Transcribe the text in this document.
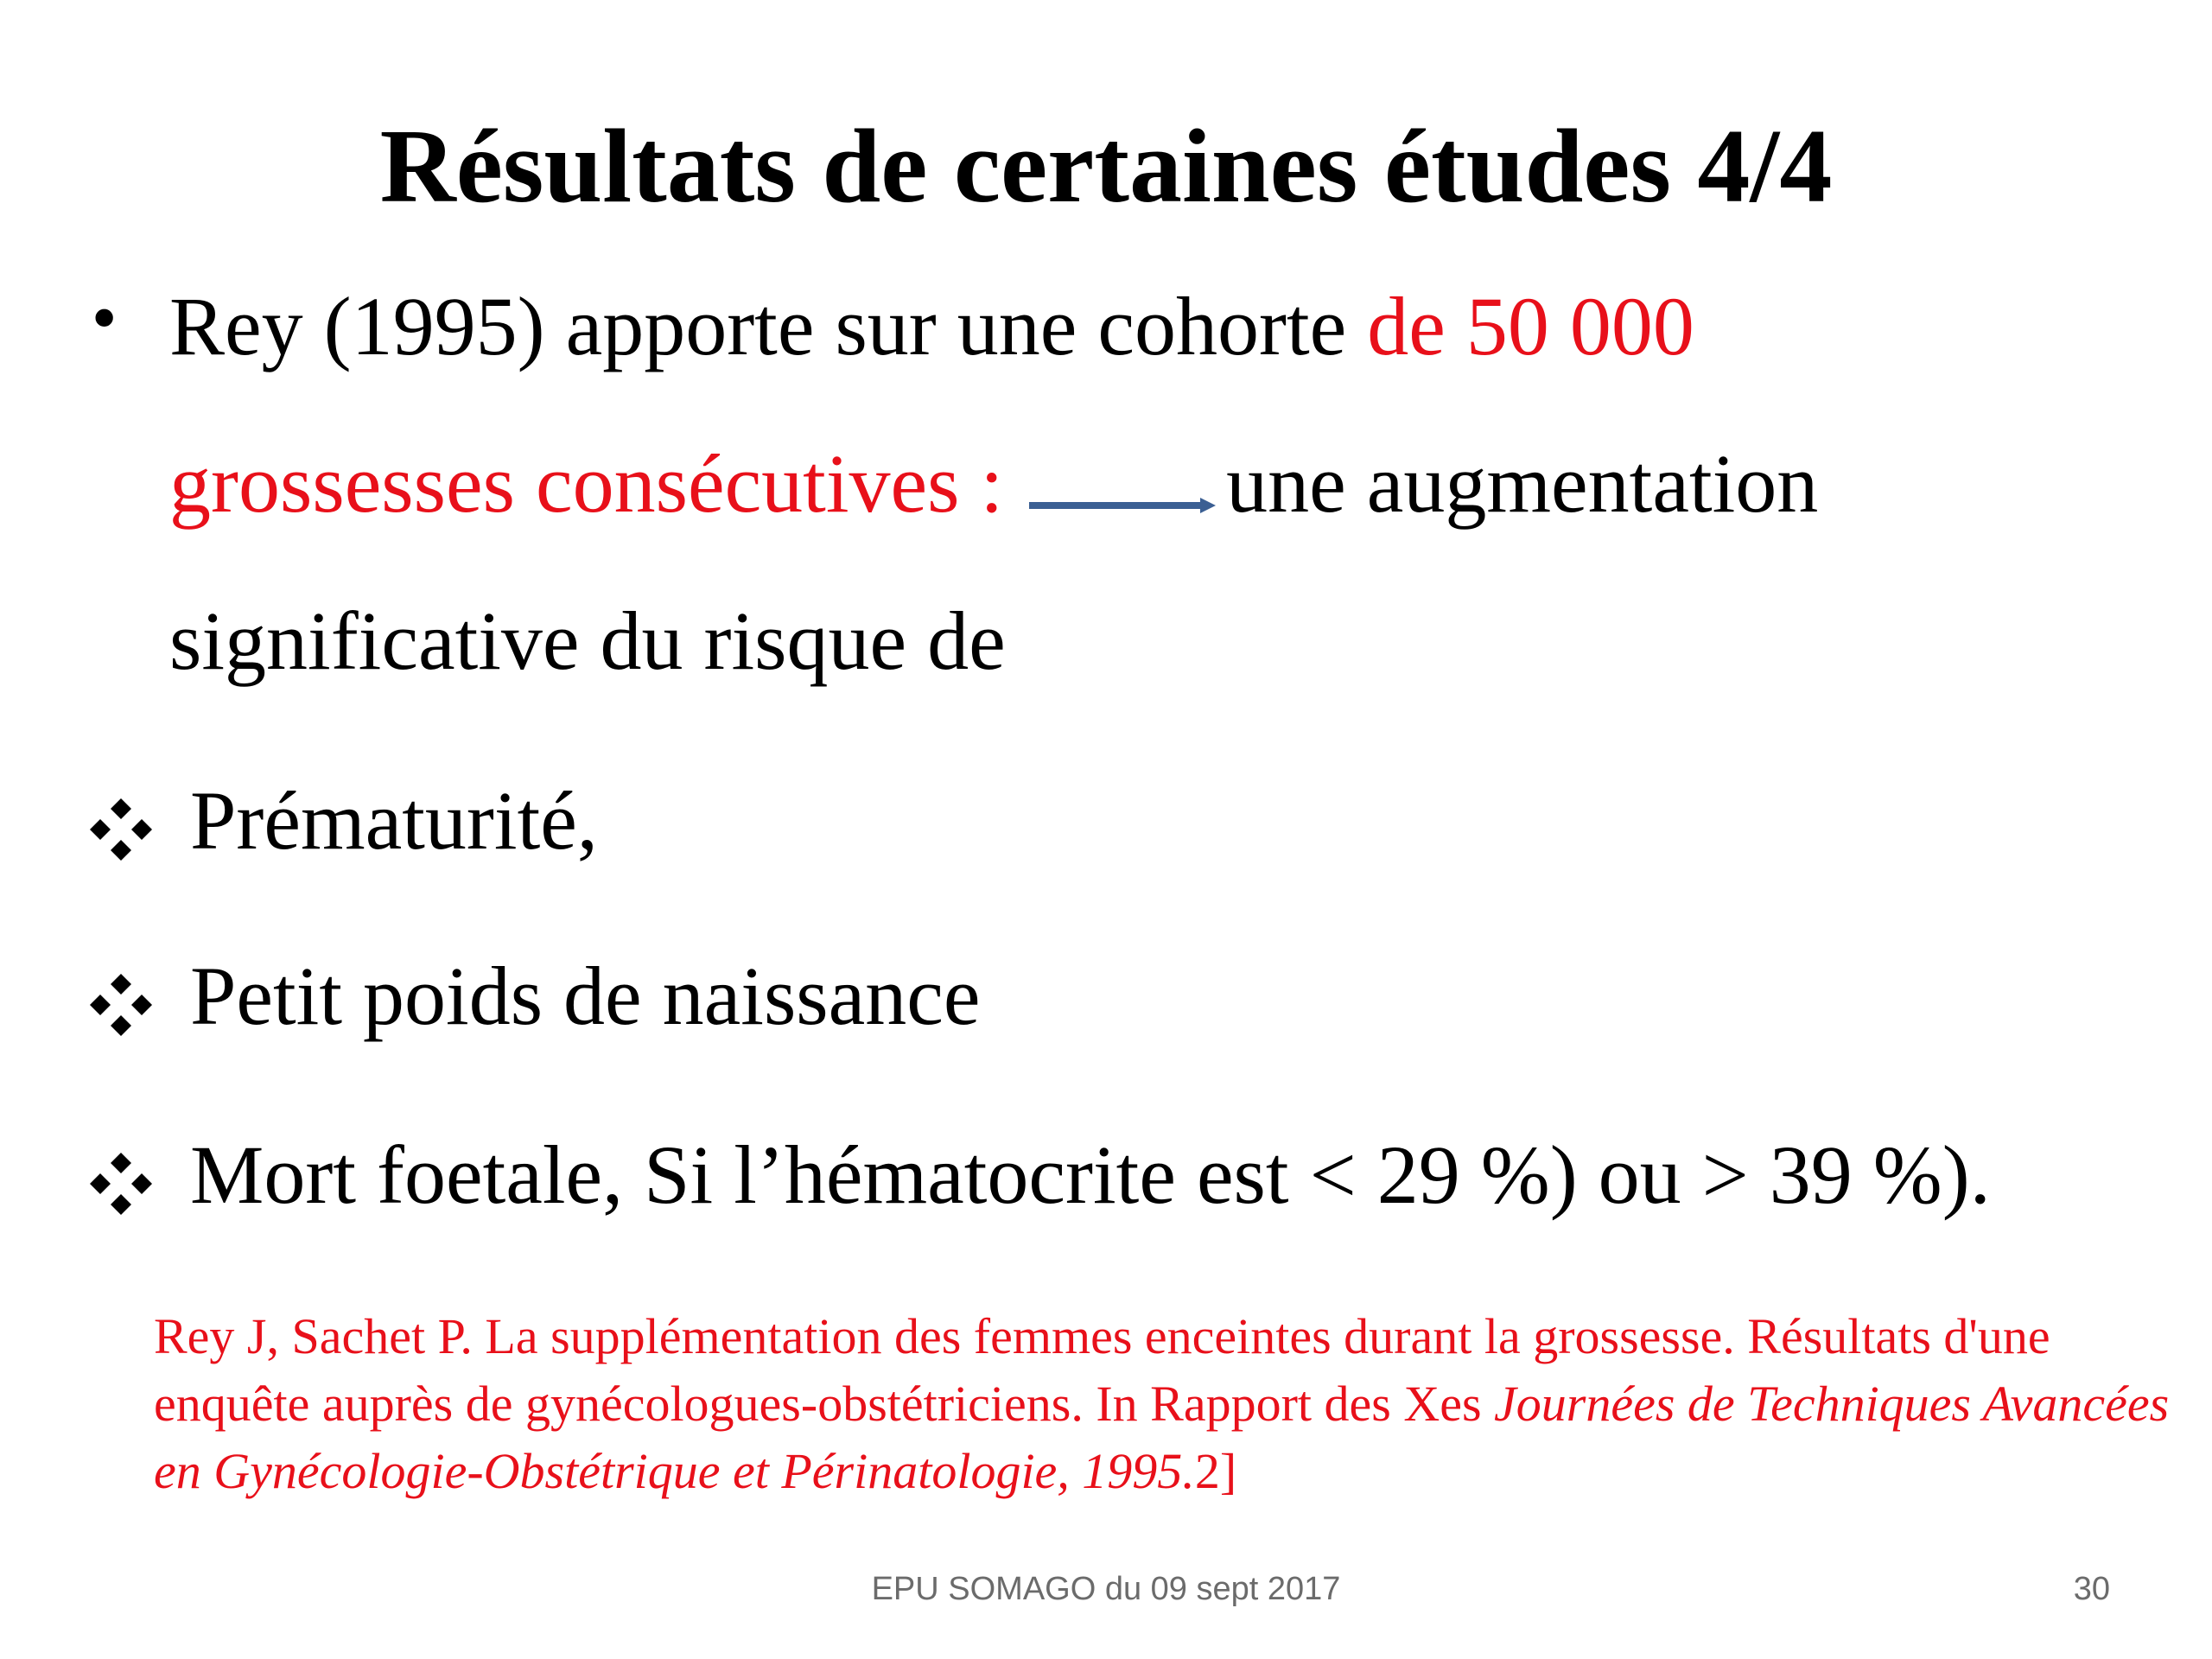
Résultats de certaines études 4/4
• Rey (1995) apporte sur une cohorte de 50 000
grossesses consécutives :	une augmentation
significative du risque de
Prématurité,
Petit poids de naissance
Mort foetale, Si l’hématocrite est < 29 %) ou > 39 %).
Rey J, Sachet P. La supplémentation des femmes enceintes durant la grossesse. Résultats d'une enquête auprès de gynécologues-obstétriciens. In Rapport des Xes Journées de Techniques Avancées en Gynécologie-Obstétrique et Périnatologie, 1995.2]
EPU SOMAGO du 09 sept 2017	30
